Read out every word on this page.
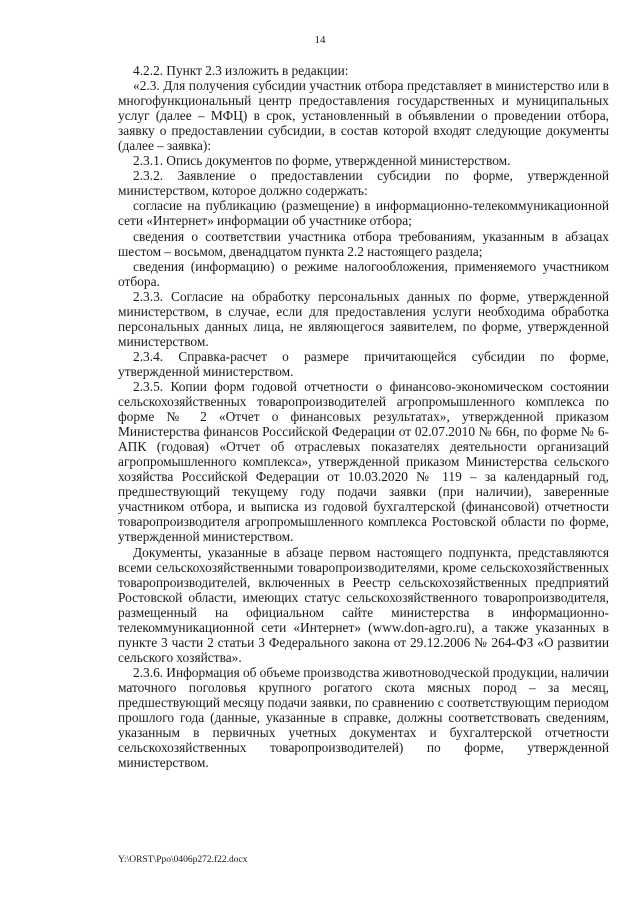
14

4.2.2. Пункт 2.3 изложить в редакции:

«2.3. Для получения субсидии участник отбора представляет в министерство или в многофункциональный центр предоставления государственных и муниципальных услуг (далее – МФЦ) в срок, установленный в объявлении о проведении отбора, заявку о предоставлении субсидии, в состав которой входят следующие документы (далее – заявка):

2.3.1. Опись документов по форме, утвержденной министерством.

2.3.2. Заявление о предоставлении субсидии по форме, утвержденной министерством, которое должно содержать:

согласие на публикацию (размещение) в информационно-телекоммуникационной сети «Интернет» информации об участнике отбора;

сведения о соответствии участника отбора требованиям, указанным в абзацах шестом – восьмом, двенадцатом пункта 2.2 настоящего раздела;

сведения (информацию) о режиме налогообложения, применяемого участником отбора.

2.3.3. Согласие на обработку персональных данных по форме, утвержденной министерством, в случае, если для предоставления услуги необходима обработка персональных данных лица, не являющегося заявителем, по форме, утвержденной министерством.

2.3.4. Справка-расчет о размере причитающейся субсидии по форме, утвержденной министерством.

2.3.5. Копии форм годовой отчетности о финансово-экономическом состоянии сельскохозяйственных товаропроизводителей агропромышленного комплекса по форме № 2 «Отчет о финансовых результатах», утвержденной приказом Министерства финансов Российской Федерации от 02.07.2010 № 66н, по форме № 6-АПК (годовая) «Отчет об отраслевых показателях деятельности организаций агропромышленного комплекса», утвержденной приказом Министерства сельского хозяйства Российской Федерации от 10.03.2020 № 119 – за календарный год, предшествующий текущему году подачи заявки (при наличии), заверенные участником отбора, и выписка из годовой бухгалтерской (финансовой) отчетности товаропроизводителя агропромышленного комплекса Ростовской области по форме, утвержденной министерством.

Документы, указанные в абзаце первом настоящего подпункта, представляются всеми сельскохозяйственными товаропроизводителями, кроме сельскохозяйственных товаропроизводителей, включенных в Реестр сельскохозяйственных предприятий Ростовской области, имеющих статус сельскохозяйственного товаропроизводителя, размещенный на официальном сайте министерства в информационно-телекоммуникационной сети «Интернет» (www.don-agro.ru), а также указанных в пункте 3 части 2 статьи 3 Федерального закона от 29.12.2006 № 264-ФЗ «О развитии сельского хозяйства».

2.3.6. Информация об объеме производства животноводческой продукции, наличии маточного поголовья крупного рогатого скота мясных пород – за месяц, предшествующий месяцу подачи заявки, по сравнению с соответствующим периодом прошлого года (данные, указанные в справке, должны соответствовать сведениям, указанным в первичных учетных документах и бухгалтерской отчетности сельскохозяйственных товаропроизводителей) по форме, утвержденной министерством.

Y:\ORST\Ppo\0406p272.f22.docx
